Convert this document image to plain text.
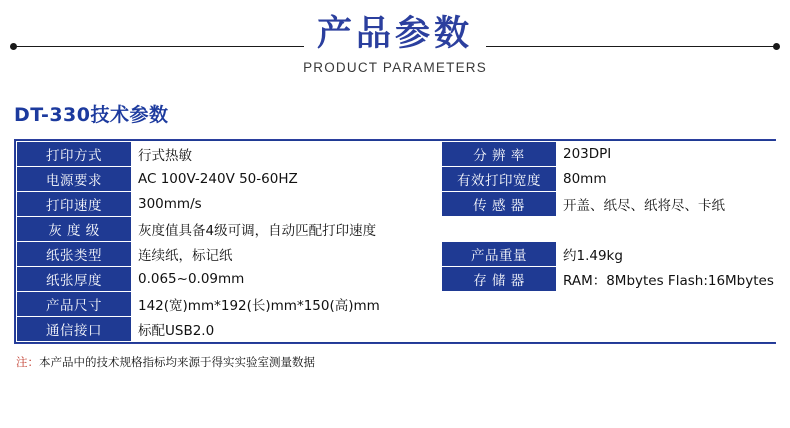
产品参数
PRODUCT PARAMETERS
DT-330技术参数
打印方式	行式热敏	分 辨 率	203DPI
电源要求	AC 100V-240V 50-60HZ	有效打印宽度	80mm
打印速度	300mm/s	传 感 器	开盖、纸尽、纸将尽、卡纸
灰 度 级	灰度值具备4级可调，自动匹配打印速度		
纸张类型	连续纸，标记纸	产品重量	约1.49kg
纸张厚度	0.065~0.09mm	存 储 器	RAM：8Mbytes Flash:16Mbytes
产品尺寸	142(宽)mm*192(长)mm*150(高)mm		
通信接口	标配USB2.0		
注：本产品中的技术规格指标均来源于得实实验室测量数据
